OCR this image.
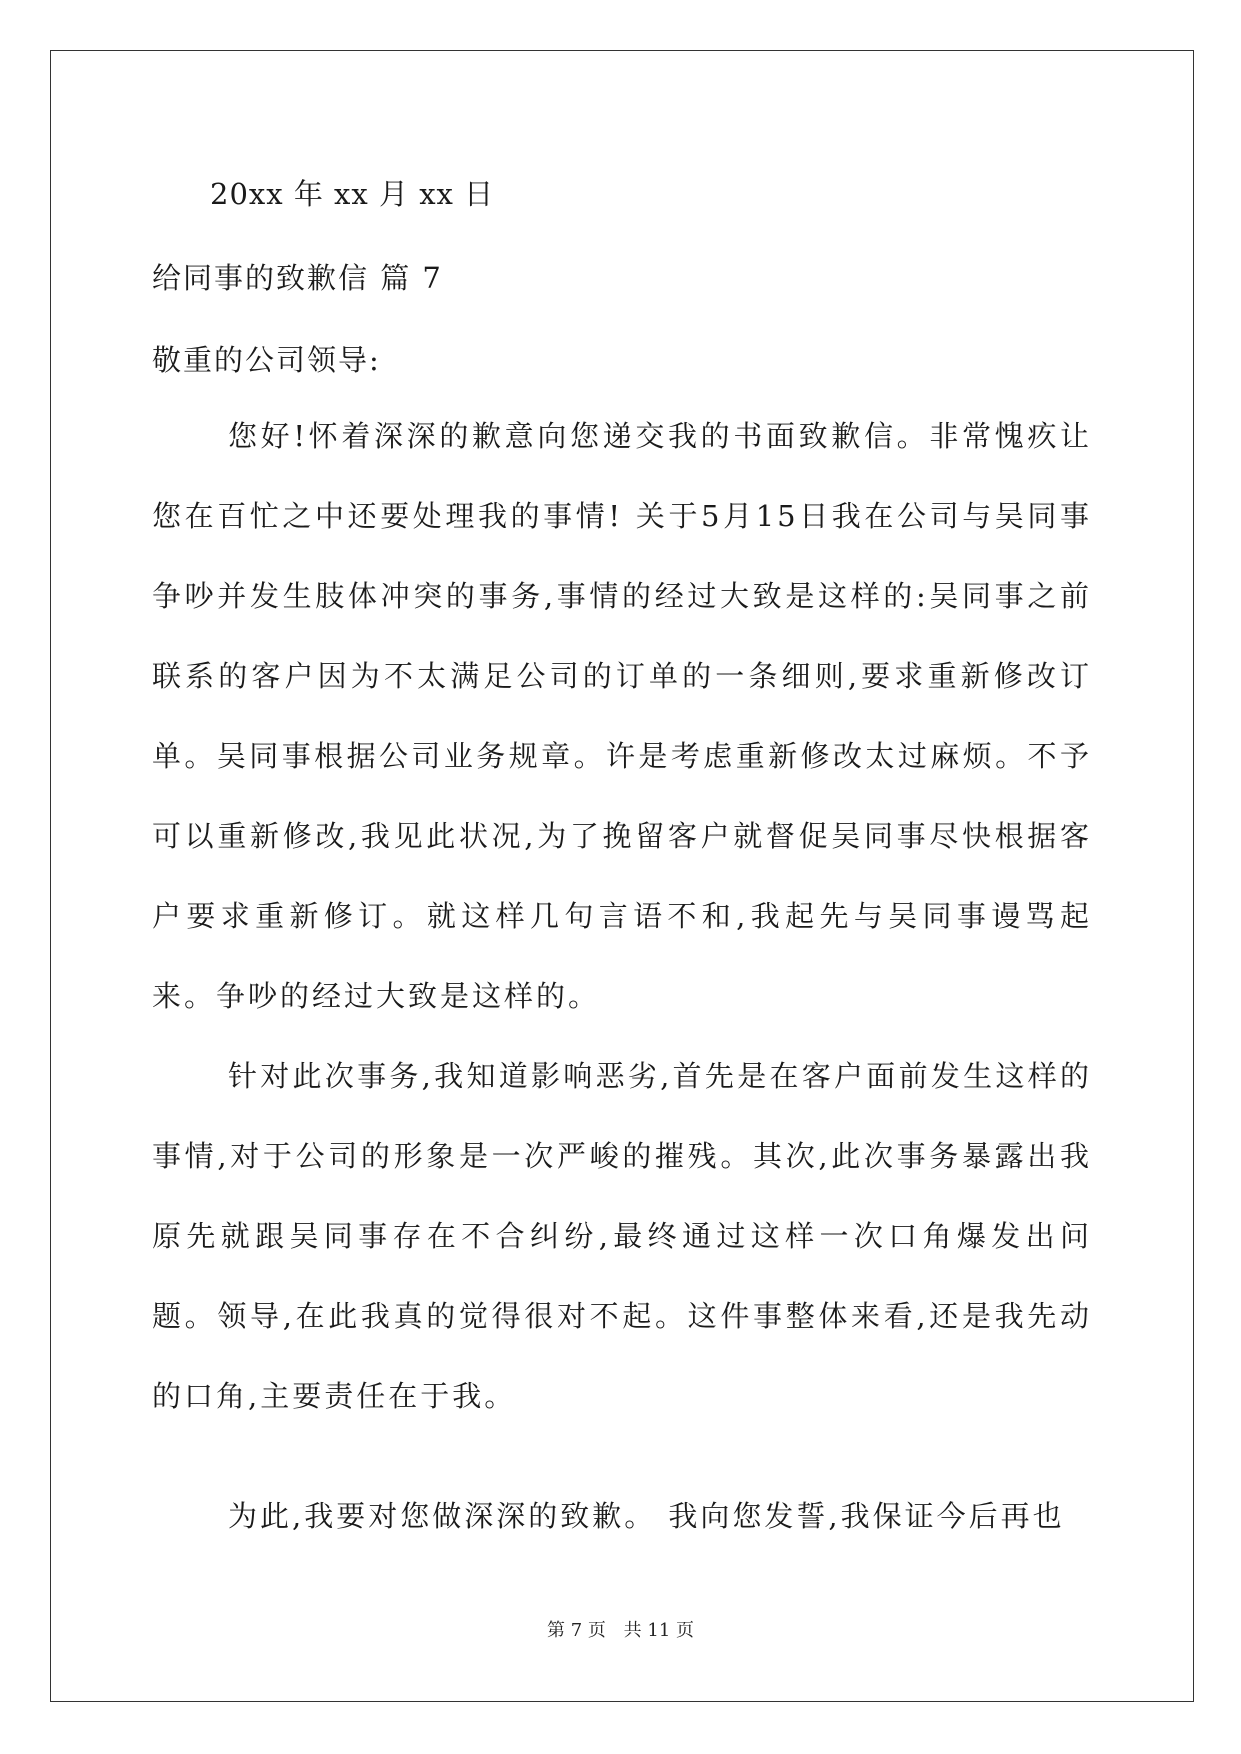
20xx 年 xx 月 xx 日
给同事的致歉信 篇 7
敬重的公司领导:

您好!怀着深深的歉意向您递交我的书面致歉信。非常愧疚让您在百忙之中还要处理我的事情! 关于5月15日我在公司与吴同事争吵并发生肢体冲突的事务,事情的经过大致是这样的:吴同事之前联系的客户因为不太满足公司的订单的一条细则,要求重新修改订单。吴同事根据公司业务规章。许是考虑重新修改太过麻烦。不予可以重新修改,我见此状况,为了挽留客户就督促吴同事尽快根据客户要求重新修订。就这样几句言语不和,我起先与吴同事谩骂起来。争吵的经过大致是这样的。

针对此次事务,我知道影响恶劣,首先是在客户面前发生这样的事情,对于公司的形象是一次严峻的摧残。其次,此次事务暴露出我原先就跟吴同事存在不合纠纷,最终通过这样一次口角爆发出问题。领导,在此我真的觉得很对不起。这件事整体来看,还是我先动的口角,主要责任在于我。

为此,我要对您做深深的致歉。 我向您发誓,我保证今后再也

第 7 页 共 11 页
